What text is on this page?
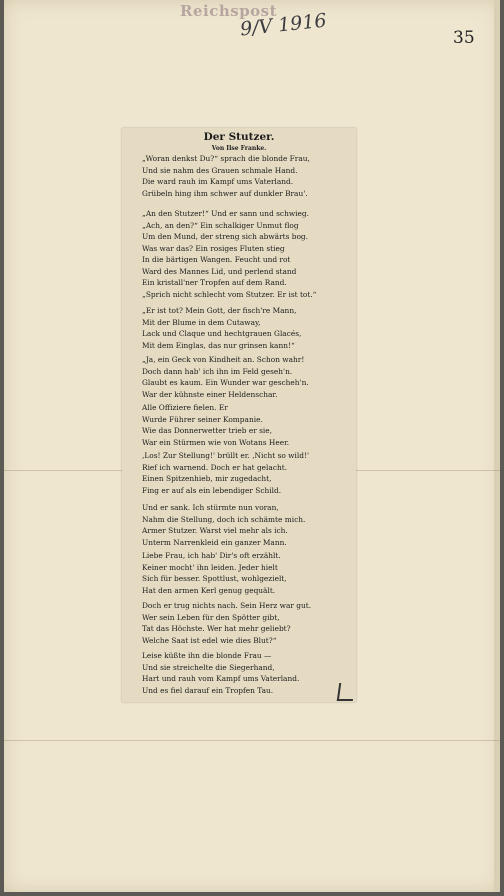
Reichspost
9/V 1916	35
Der Stutzer.
Von Ilse Franke.
„Woran denkst Du?“ sprach die blonde Frau,
Und sie nahm des Grauen schmale Hand.
Die ward rauh im Kampf ums Vaterland.
Grübeln hing ihm schwer auf dunkler Brau'.
„An den Stutzer!“ Und er sann und schwieg.
„Ach, an den?“ Ein schalkiger Unmut flog
Um den Mund, der streng sich abwärts bog.
Was war das? Ein rosiges Fluten stieg
In die bärtigen Wangen. Feucht und rot
Ward des Mannes Lid, und perlend stand
Ein kristall'ner Tropfen auf dem Rand.
„Sprich nicht schlecht vom Stutzer. Er ist tot.“
„Er ist tot? Mein Gott, der fisch're Mann,
Mit der Blume in dem Cutaway,
Lack und Claque und hechtgrauen Glacés,
Mit dem Einglas, das nur grinsen kann!“
„Ja, ein Geck von Kindheit an. Schon wahr!
Doch dann hab' ich ihn im Feld geseh'n.
Glaubt es kaum. Ein Wunder war gescheh'n.
War der kühnste einer Heldenschar.
Alle Offiziere fielen. Er
Wurde Führer seiner Kompanie.
Wie das Donnerwetter trieb er sie,
War ein Stürmen wie von Wotans Heer.
‚Los! Zur Stellung!' brüllt er. ‚Nicht so wild!'
Rief ich warnend. Doch er hat gelacht.
Einen Spitzenhieb, mir zugedacht,
Fing er auf als ein lebendiger Schild.
Und er sank. Ich stürmte nun voran,
Nahm die Stellung, doch ich schämte mich.
Armer Stutzer. Warst viel mehr als ich.
Unterm Narrenkleid ein ganzer Mann.
Liebe Frau, ich hab' Dir's oft erzählt.
Keiner mocht' ihn leiden. Jeder hielt
Sich für besser. Spottlust, wohlgezielt,
Hat den armen Kerl genug gequält.
Doch er trug nichts nach. Sein Herz war gut.
Wer sein Leben für den Spötter gibt,
Tat das Höchste. Wer hat mehr geliebt?
Welche Saat ist edel wie dies Blut?“
Leise küßte ihn die blonde Frau —
Und sie streichelte die Siegerhand,
Hart und rauh vom Kampf ums Vaterland.
Und es fiel darauf ein Tropfen Tau.
